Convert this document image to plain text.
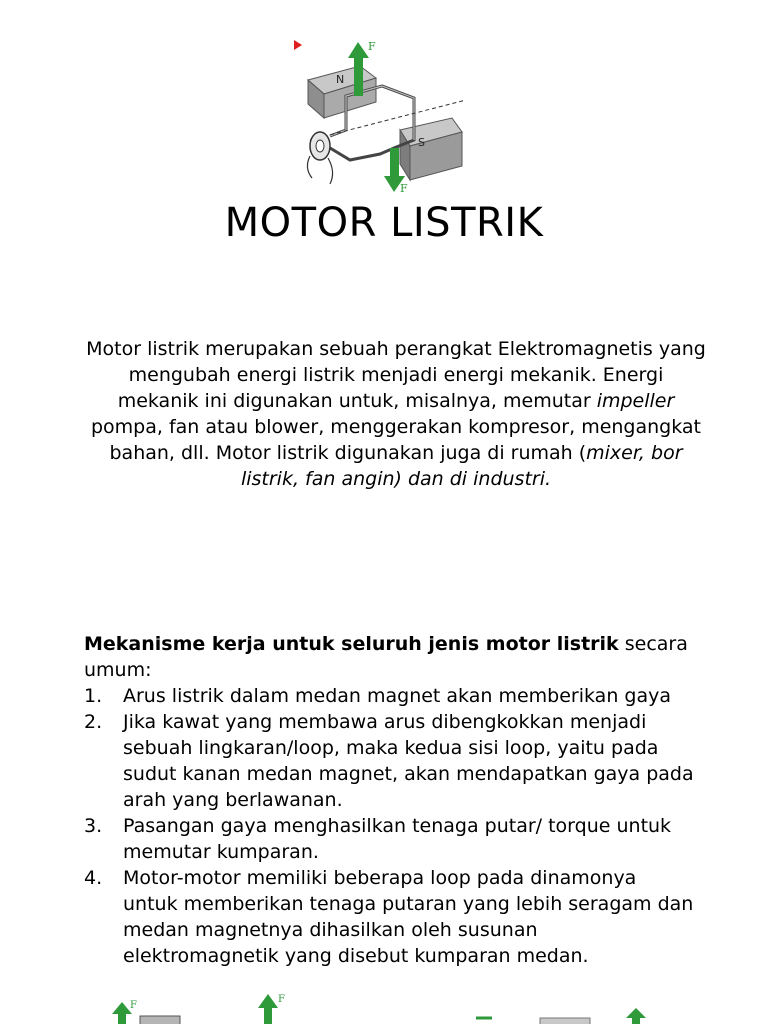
N
S
F
F
MOTOR LISTRIK
Motor listrik merupakan sebuah perangkat Elektromagnetis yang mengubah energi listrik menjadi energi mekanik. Energi mekanik ini digunakan untuk, misalnya, memutar impeller pompa, fan atau blower, menggerakan kompresor, mengangkat bahan, dll. Motor listrik digunakan juga di rumah (mixer, bor listrik, fan angin) dan di industri.
Mekanisme kerja untuk seluruh jenis motor listrik secara umum:
1. Arus listrik dalam medan magnet akan memberikan gaya
2. Jika kawat yang membawa arus dibengkokkan menjadi sebuah lingkaran/loop, maka kedua sisi loop, yaitu pada sudut kanan medan magnet, akan mendapatkan gaya pada arah yang berlawanan.
3. Pasangan gaya menghasilkan tenaga putar/ torque untuk memutar kumparan.
4. Motor-motor memiliki beberapa loop pada dinamonya untuk memberikan tenaga putaran yang lebih seragam dan medan magnetnya dihasilkan oleh susunan elektromagnetik yang disebut kumparan medan.
F
F
